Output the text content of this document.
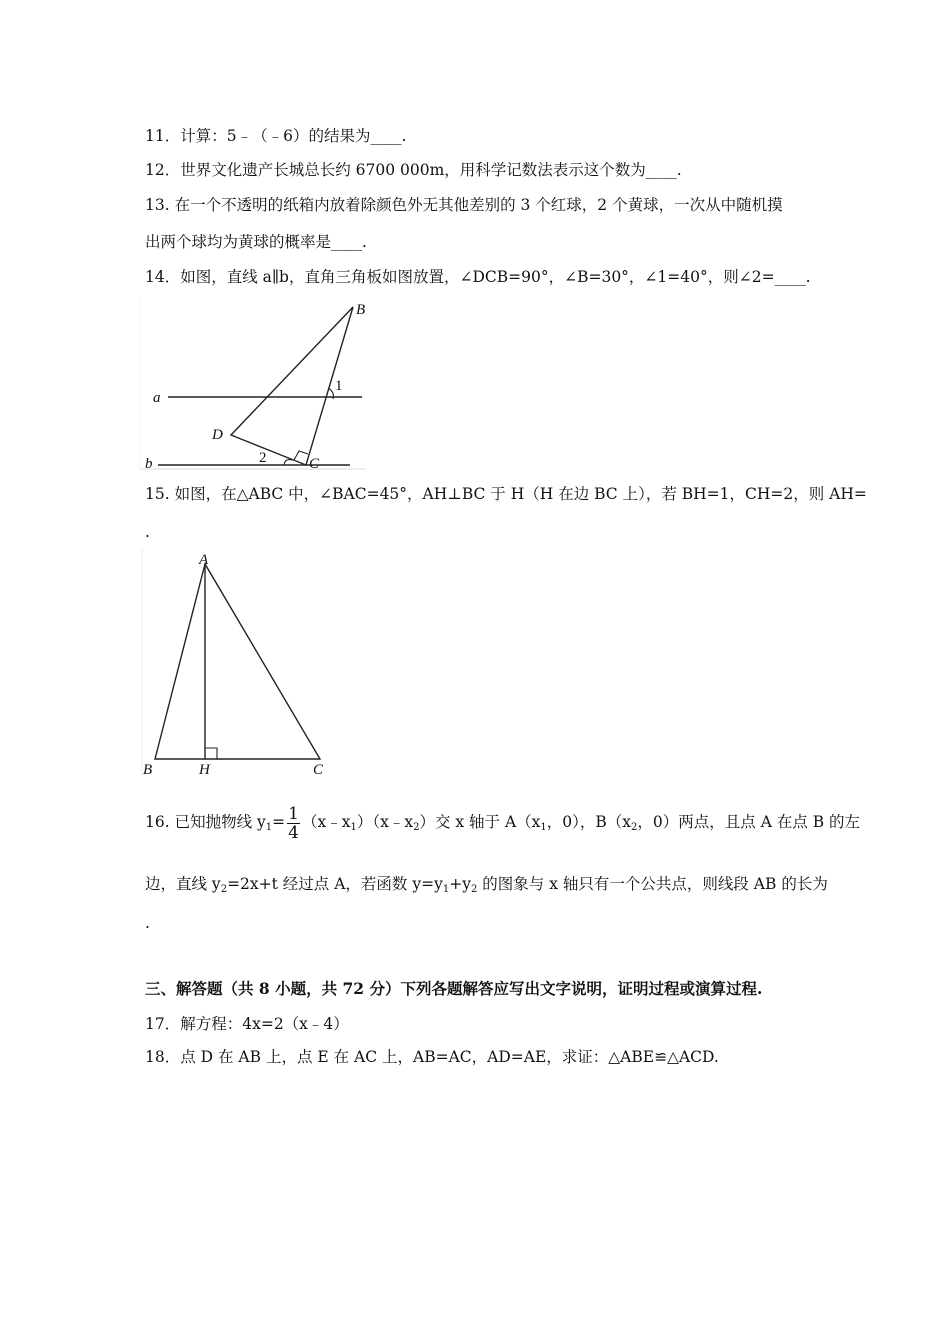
11．计算：5﹣（﹣6）的结果为____.
12．世界文化遗产长城总长约 6700 000m，用科学记数法表示这个数为____.
13. 在一个不透明的纸箱内放着除颜色外无其他差别的 3 个红球，2 个黄球，一次从中随机摸
出两个球均为黄球的概率是____.
14．如图，直线 a∥b，直角三角板如图放置，∠DCB=90°，∠B=30°，∠1=40°，则∠2=____.
a
b
B
D
C
1
2
15. 如图，在△ABC 中，∠BAC=45°，AH⊥BC 于 H（H 在边 BC 上），若 BH=1，CH=2，则 AH=
.
A
B	H	C
16. 已知抛物线 $y_1= \frac{1}{4}$ $(x﹣x_1)(x﹣x_2)$交 x 轴于 $A(x_1$，0），$B(x_2$，0）两点，且点 A 在点 B 的左
边，直线 $y_2=2x+t$ 经过点 A，若函数 $y=y_1+y_2$ 的图象与 x 轴只有一个公共点，则线段 AB 的长为
.
三、解答题（共 8 小题，共 72 分）下列各题解答应写出文字说明，证明过程或演算过程.
17．解方程：4x=2（x﹣4）
18．点 D 在 AB 上，点 E 在 AC 上，AB=AC，AD=AE，求证：△ABE≌△ACD.
